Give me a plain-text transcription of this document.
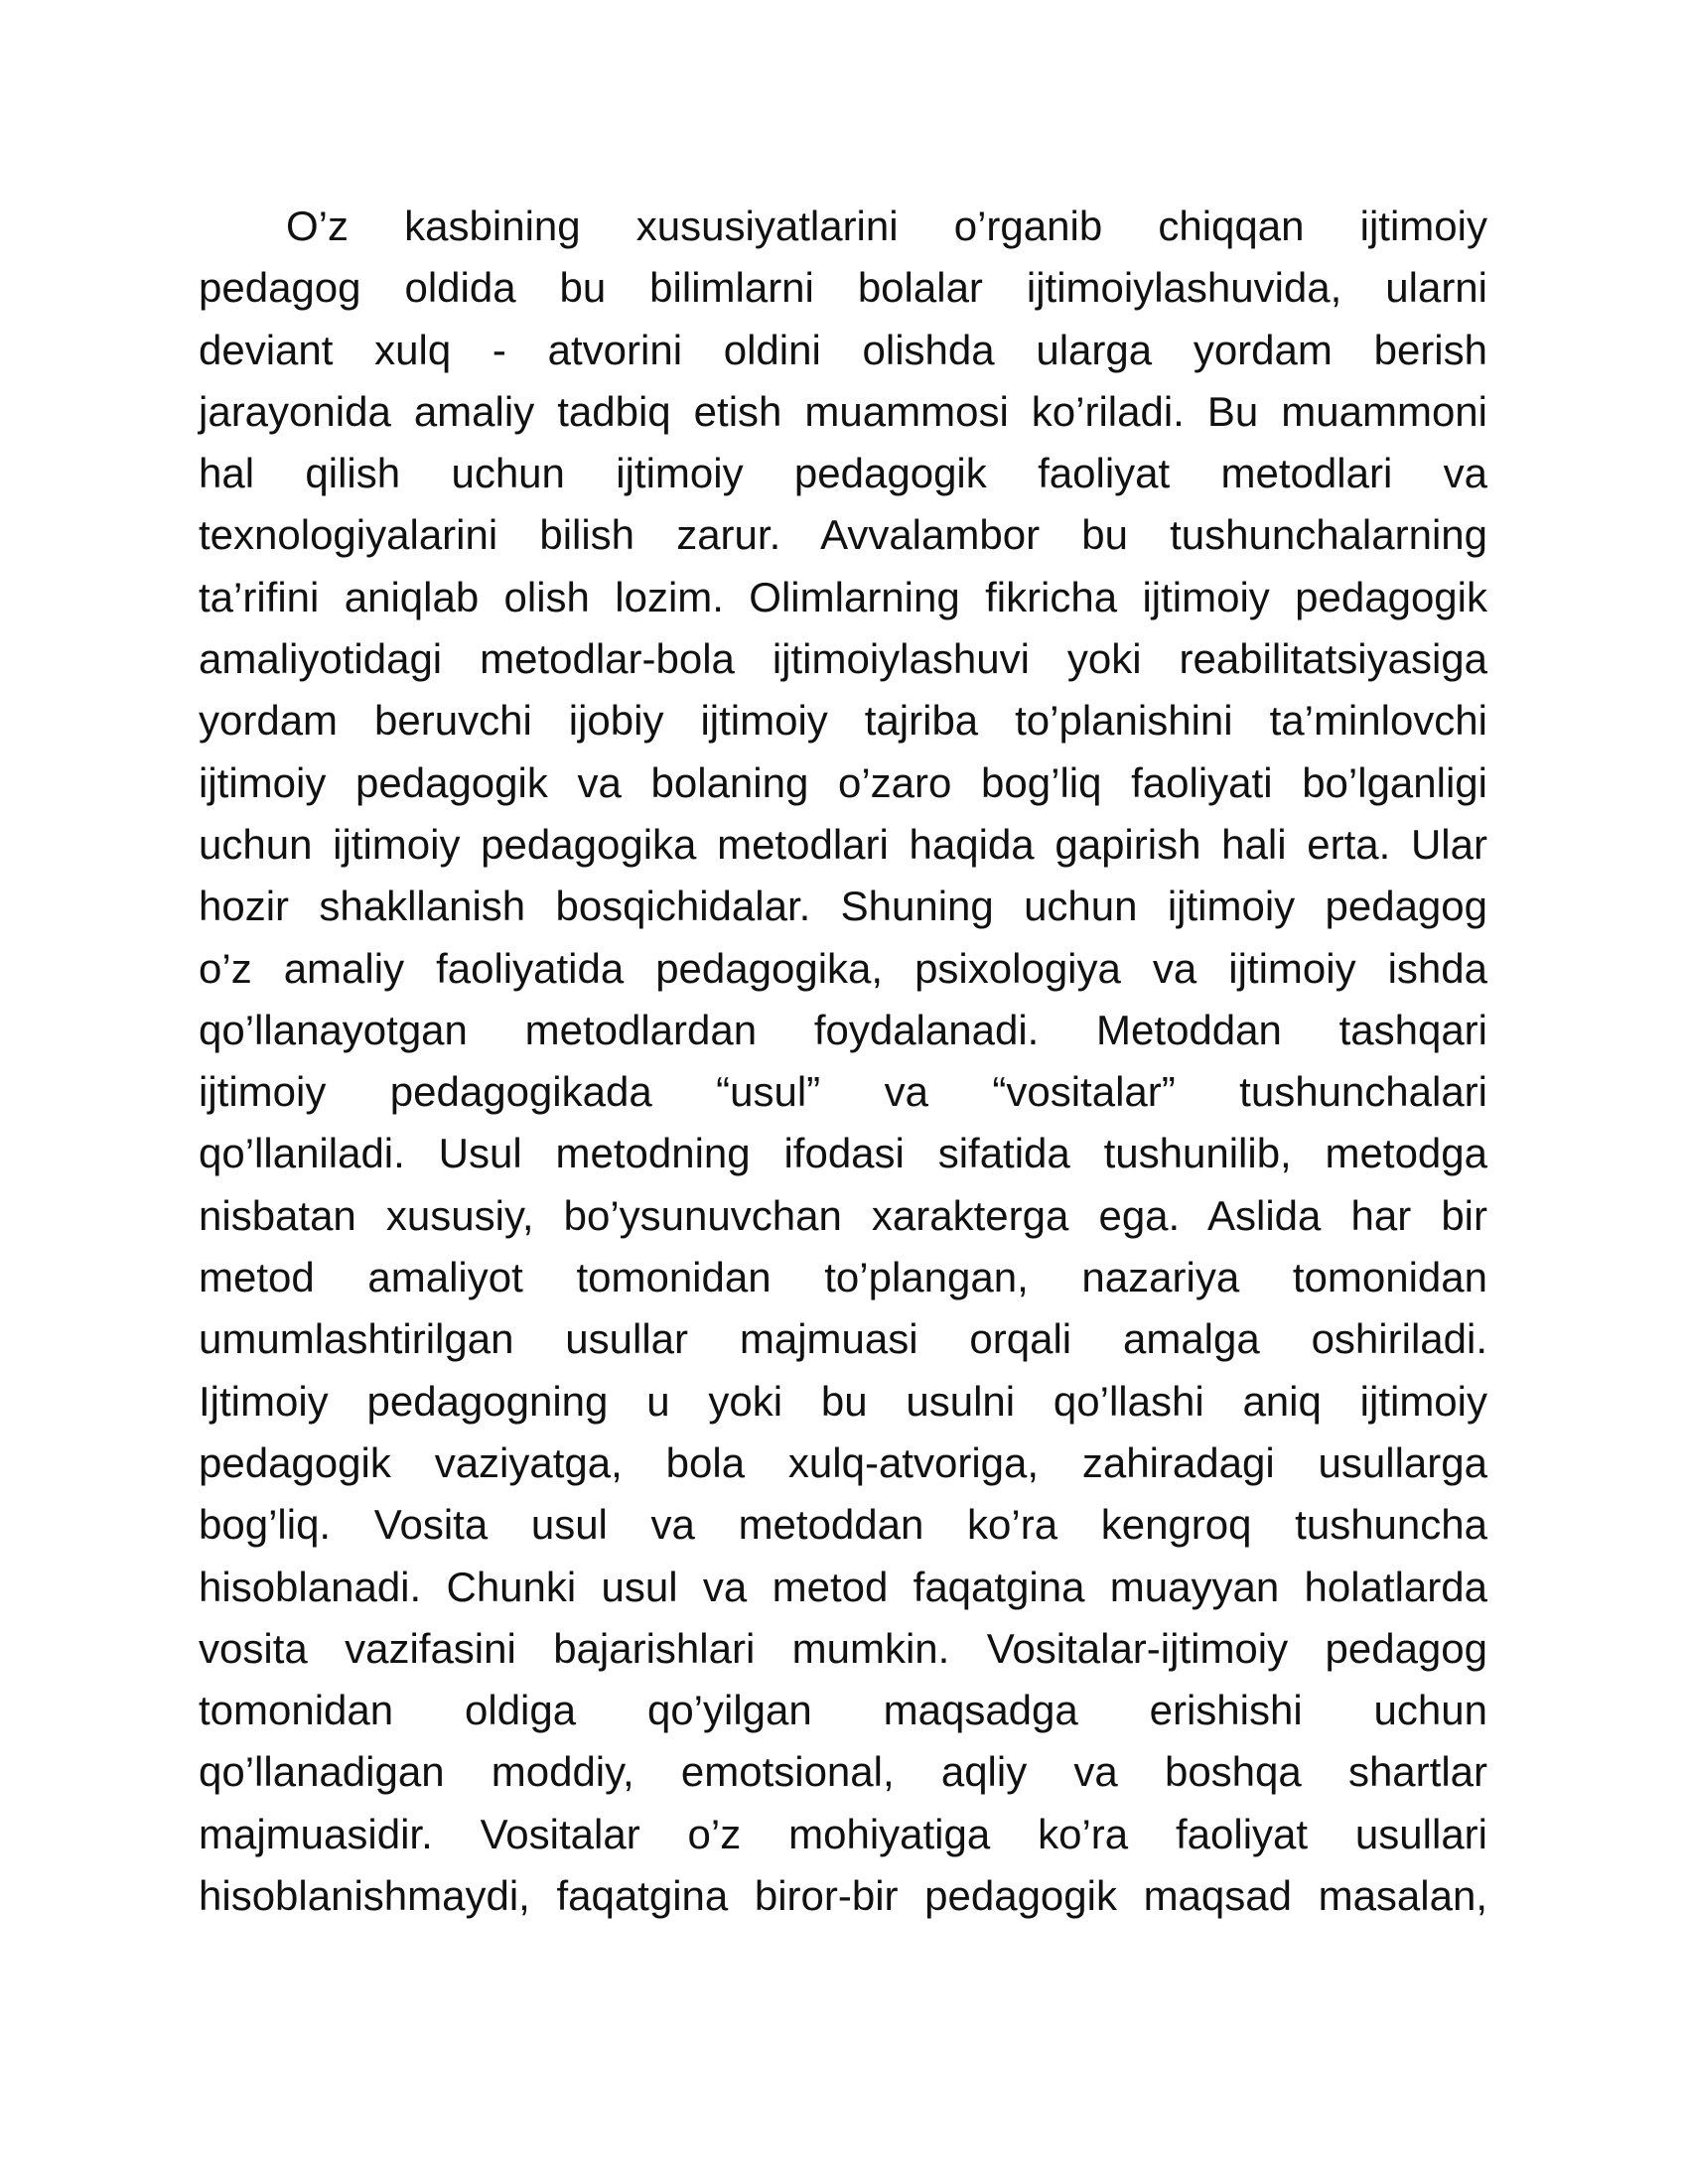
O’z kasbining xususiyatlarini o’rganib chiqqan ijtimoiy
pedagog oldida bu bilimlarni bolalar ijtimoiylashuvida, ularni
deviant xulq - atvorini oldini olishda ularga yordam berish
jarayonida amaliy tadbiq etish muammosi ko’riladi. Bu muammoni
hal qilish uchun ijtimoiy pedagogik faoliyat metodlari va
texnologiyalarini bilish zarur. Avvalambor bu tushunchalarning
ta’rifini aniqlab olish lozim. Olimlarning fikricha ijtimoiy pedagogik
amaliyotidagi metodlar-bola ijtimoiylashuvi yoki reabilitatsiyasiga
yordam beruvchi ijobiy ijtimoiy tajriba to’planishini ta’minlovchi
ijtimoiy pedagogik va bolaning o’zaro bog’liq faoliyati bo’lganligi
uchun ijtimoiy pedagogika metodlari haqida gapirish hali erta. Ular
hozir shakllanish bosqichidalar. Shuning uchun ijtimoiy pedagog
o’z amaliy faoliyatida pedagogika, psixologiya va ijtimoiy ishda
qo’llanayotgan metodlardan foydalanadi. Metoddan tashqari
ijtimoiy pedagogikada “usul” va “vositalar” tushunchalari
qo’llaniladi. Usul metodning ifodasi sifatida tushunilib, metodga
nisbatan xususiy, bo’ysunuvchan xarakterga ega. Aslida har bir
metod amaliyot tomonidan to’plangan, nazariya tomonidan
umumlashtirilgan usullar majmuasi orqali amalga oshiriladi.
Ijtimoiy pedagogning u yoki bu usulni qo’llashi aniq ijtimoiy
pedagogik vaziyatga, bola xulq-atvoriga, zahiradagi usullarga
bog’liq. Vosita usul va metoddan ko’ra kengroq tushuncha
hisoblanadi. Chunki usul va metod faqatgina muayyan holatlarda
vosita vazifasini bajarishlari mumkin. Vositalar-ijtimoiy pedagog
tomonidan oldiga qo’yilgan maqsadga erishishi uchun
qo’llanadigan moddiy, emotsional, aqliy va boshqa shartlar
majmuasidir. Vositalar o’z mohiyatiga ko’ra faoliyat usullari
hisoblanishmaydi, faqatgina biror-bir pedagogik maqsad masalan,
